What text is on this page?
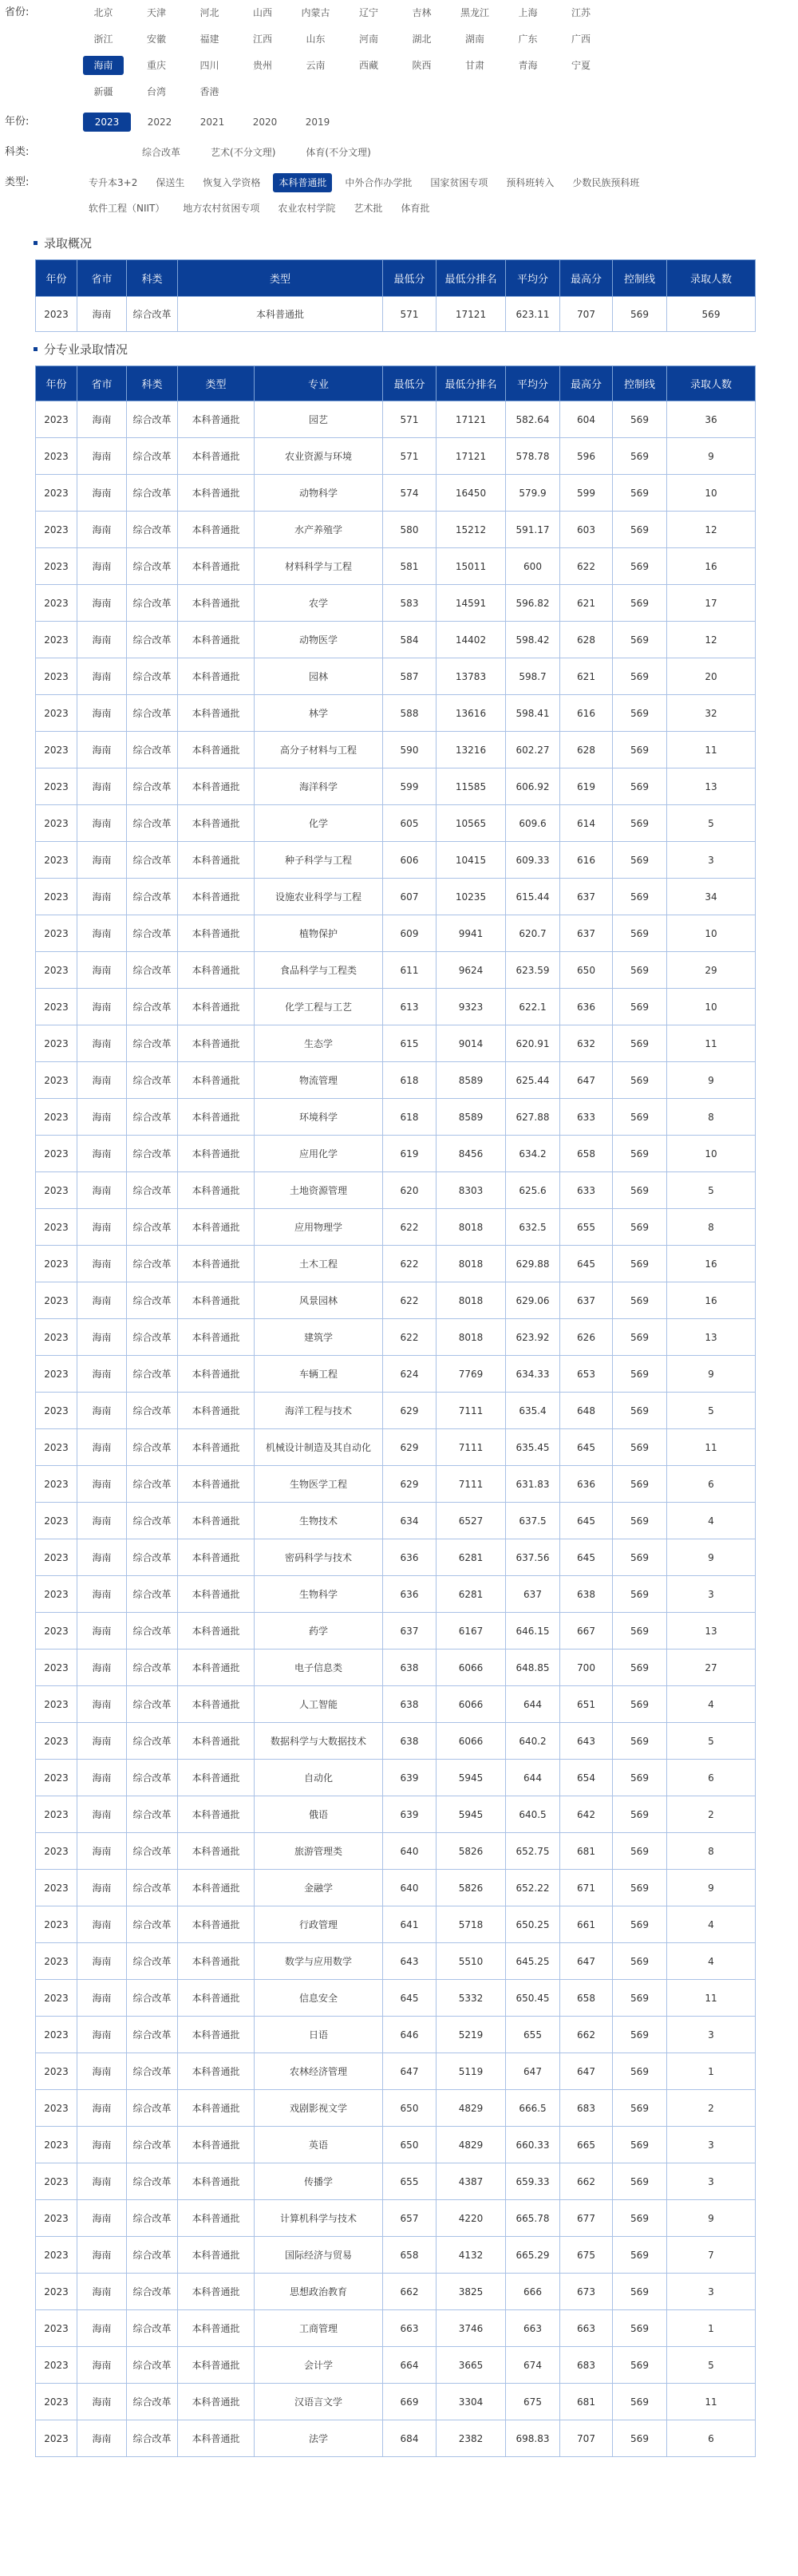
省份:	北京	天津	河北	山西	内蒙古	辽宁	吉林	黑龙江	上海	江苏
浙江	安徽	福建	江西	山东	河南	湖北	湖南	广东	广西
海南	重庆	四川	贵州	云南	西藏	陕西	甘肃	青海	宁夏
新疆	台湾	香港
年份:	2023	2022	2021	2020	2019
科类:	综合改革	艺术(不分文理)	体育(不分文理)
类型:	专升本3+2	保送生	恢复入学资格	本科普通批	中外合作办学批	国家贫困专项	预科班转入	少数民族预科班
软件工程（NIIT）	地方农村贫困专项	农业农村学院	艺术批	体育批
录取概况
年份	省市	科类	类型	最低分	最低分排名	平均分	最高分	控制线	录取人数
2023	海南	综合改革	本科普通批	571	17121	623.11	707	569	569
分专业录取情况
年份	省市	科类	类型	专业	最低分	最低分排名	平均分	最高分	控制线	录取人数
2023	海南	综合改革	本科普通批	园艺	571	17121	582.64	604	569	36
2023	海南	综合改革	本科普通批	农业资源与环境	571	17121	578.78	596	569	9
2023	海南	综合改革	本科普通批	动物科学	574	16450	579.9	599	569	10
2023	海南	综合改革	本科普通批	水产养殖学	580	15212	591.17	603	569	12
2023	海南	综合改革	本科普通批	材料科学与工程	581	15011	600	622	569	16
2023	海南	综合改革	本科普通批	农学	583	14591	596.82	621	569	17
2023	海南	综合改革	本科普通批	动物医学	584	14402	598.42	628	569	12
2023	海南	综合改革	本科普通批	园林	587	13783	598.7	621	569	20
2023	海南	综合改革	本科普通批	林学	588	13616	598.41	616	569	32
2023	海南	综合改革	本科普通批	高分子材料与工程	590	13216	602.27	628	569	11
2023	海南	综合改革	本科普通批	海洋科学	599	11585	606.92	619	569	13
2023	海南	综合改革	本科普通批	化学	605	10565	609.6	614	569	5
2023	海南	综合改革	本科普通批	种子科学与工程	606	10415	609.33	616	569	3
2023	海南	综合改革	本科普通批	设施农业科学与工程	607	10235	615.44	637	569	34
2023	海南	综合改革	本科普通批	植物保护	609	9941	620.7	637	569	10
2023	海南	综合改革	本科普通批	食品科学与工程类	611	9624	623.59	650	569	29
2023	海南	综合改革	本科普通批	化学工程与工艺	613	9323	622.1	636	569	10
2023	海南	综合改革	本科普通批	生态学	615	9014	620.91	632	569	11
2023	海南	综合改革	本科普通批	物流管理	618	8589	625.44	647	569	9
2023	海南	综合改革	本科普通批	环境科学	618	8589	627.88	633	569	8
2023	海南	综合改革	本科普通批	应用化学	619	8456	634.2	658	569	10
2023	海南	综合改革	本科普通批	土地资源管理	620	8303	625.6	633	569	5
2023	海南	综合改革	本科普通批	应用物理学	622	8018	632.5	655	569	8
2023	海南	综合改革	本科普通批	土木工程	622	8018	629.88	645	569	16
2023	海南	综合改革	本科普通批	风景园林	622	8018	629.06	637	569	16
2023	海南	综合改革	本科普通批	建筑学	622	8018	623.92	626	569	13
2023	海南	综合改革	本科普通批	车辆工程	624	7769	634.33	653	569	9
2023	海南	综合改革	本科普通批	海洋工程与技术	629	7111	635.4	648	569	5
2023	海南	综合改革	本科普通批	机械设计制造及其自动化	629	7111	635.45	645	569	11
2023	海南	综合改革	本科普通批	生物医学工程	629	7111	631.83	636	569	6
2023	海南	综合改革	本科普通批	生物技术	634	6527	637.5	645	569	4
2023	海南	综合改革	本科普通批	密码科学与技术	636	6281	637.56	645	569	9
2023	海南	综合改革	本科普通批	生物科学	636	6281	637	638	569	3
2023	海南	综合改革	本科普通批	药学	637	6167	646.15	667	569	13
2023	海南	综合改革	本科普通批	电子信息类	638	6066	648.85	700	569	27
2023	海南	综合改革	本科普通批	人工智能	638	6066	644	651	569	4
2023	海南	综合改革	本科普通批	数据科学与大数据技术	638	6066	640.2	643	569	5
2023	海南	综合改革	本科普通批	自动化	639	5945	644	654	569	6
2023	海南	综合改革	本科普通批	俄语	639	5945	640.5	642	569	2
2023	海南	综合改革	本科普通批	旅游管理类	640	5826	652.75	681	569	8
2023	海南	综合改革	本科普通批	金融学	640	5826	652.22	671	569	9
2023	海南	综合改革	本科普通批	行政管理	641	5718	650.25	661	569	4
2023	海南	综合改革	本科普通批	数学与应用数学	643	5510	645.25	647	569	4
2023	海南	综合改革	本科普通批	信息安全	645	5332	650.45	658	569	11
2023	海南	综合改革	本科普通批	日语	646	5219	655	662	569	3
2023	海南	综合改革	本科普通批	农林经济管理	647	5119	647	647	569	1
2023	海南	综合改革	本科普通批	戏剧影视文学	650	4829	666.5	683	569	2
2023	海南	综合改革	本科普通批	英语	650	4829	660.33	665	569	3
2023	海南	综合改革	本科普通批	传播学	655	4387	659.33	662	569	3
2023	海南	综合改革	本科普通批	计算机科学与技术	657	4220	665.78	677	569	9
2023	海南	综合改革	本科普通批	国际经济与贸易	658	4132	665.29	675	569	7
2023	海南	综合改革	本科普通批	思想政治教育	662	3825	666	673	569	3
2023	海南	综合改革	本科普通批	工商管理	663	3746	663	663	569	1
2023	海南	综合改革	本科普通批	会计学	664	3665	674	683	569	5
2023	海南	综合改革	本科普通批	汉语言文学	669	3304	675	681	569	11
2023	海南	综合改革	本科普通批	法学	684	2382	698.83	707	569	6
